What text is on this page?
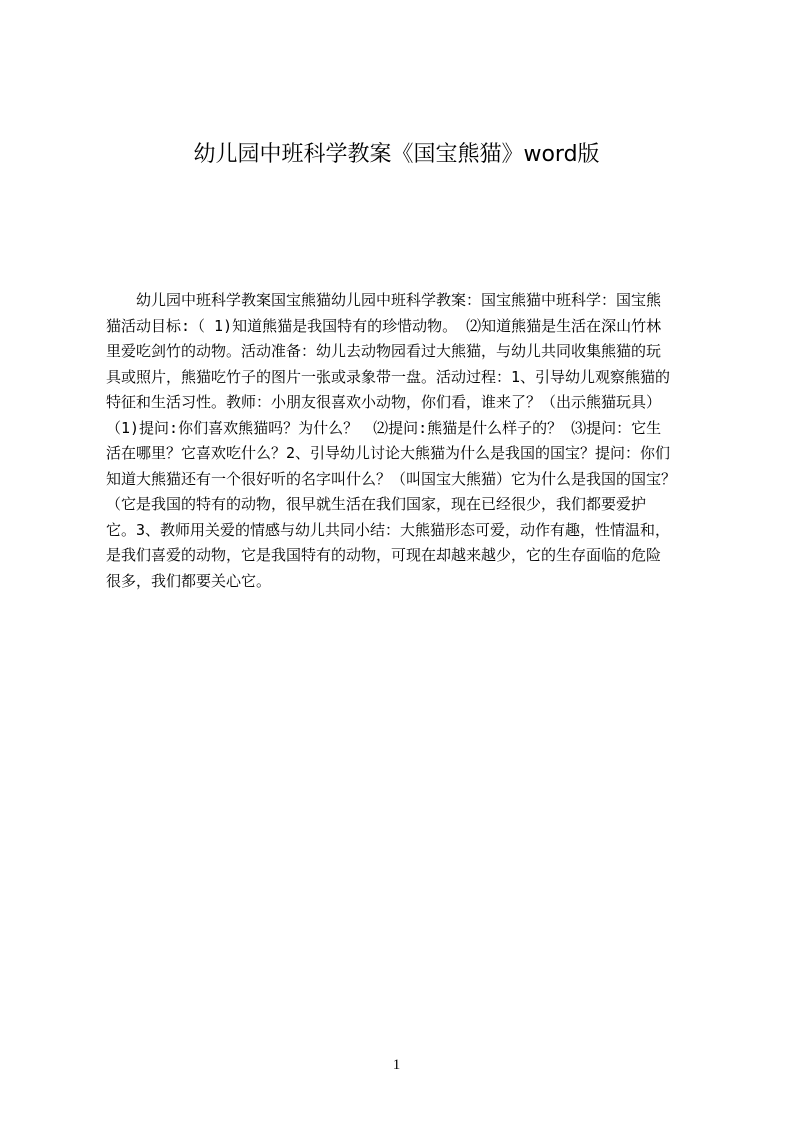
幼儿园中班科学教案《国宝熊猫》word版
　　幼儿园中班科学教案国宝熊猫幼儿园中班科学教案：国宝熊猫中班科学：国宝熊
猫活动目标:（ 1)知道熊猫是我国特有的珍惜动物。 ⑵知道熊猫是生活在深山竹林
里爱吃剑竹的动物。活动准备：幼儿去动物园看过大熊猫，与幼儿共同收集熊猫的玩
具或照片，熊猫吃竹子的图片一张或录象带一盘。活动过程：1、引导幼儿观察熊猫的
特征和生活习性。教师：小朋友很喜欢小动物，你们看，谁来了？（出示熊猫玩具）
（1)提问:你们喜欢熊猫吗？为什么？　⑵提问:熊猫是什么样子的？ ⑶提问：它生
活在哪里？它喜欢吃什么？2、引导幼儿讨论大熊猫为什么是我国的国宝？提问：你们
知道大熊猫还有一个很好听的名字叫什么？（叫国宝大熊猫）它为什么是我国的国宝？
（它是我国的特有的动物，很早就生活在我们国家，现在已经很少，我们都要爱护
它。3、教师用关爱的情感与幼儿共同小结：大熊猫形态可爱，动作有趣，性情温和，
是我们喜爱的动物，它是我国特有的动物，可现在却越来越少，它的生存面临的危险
很多，我们都要关心它。
1
